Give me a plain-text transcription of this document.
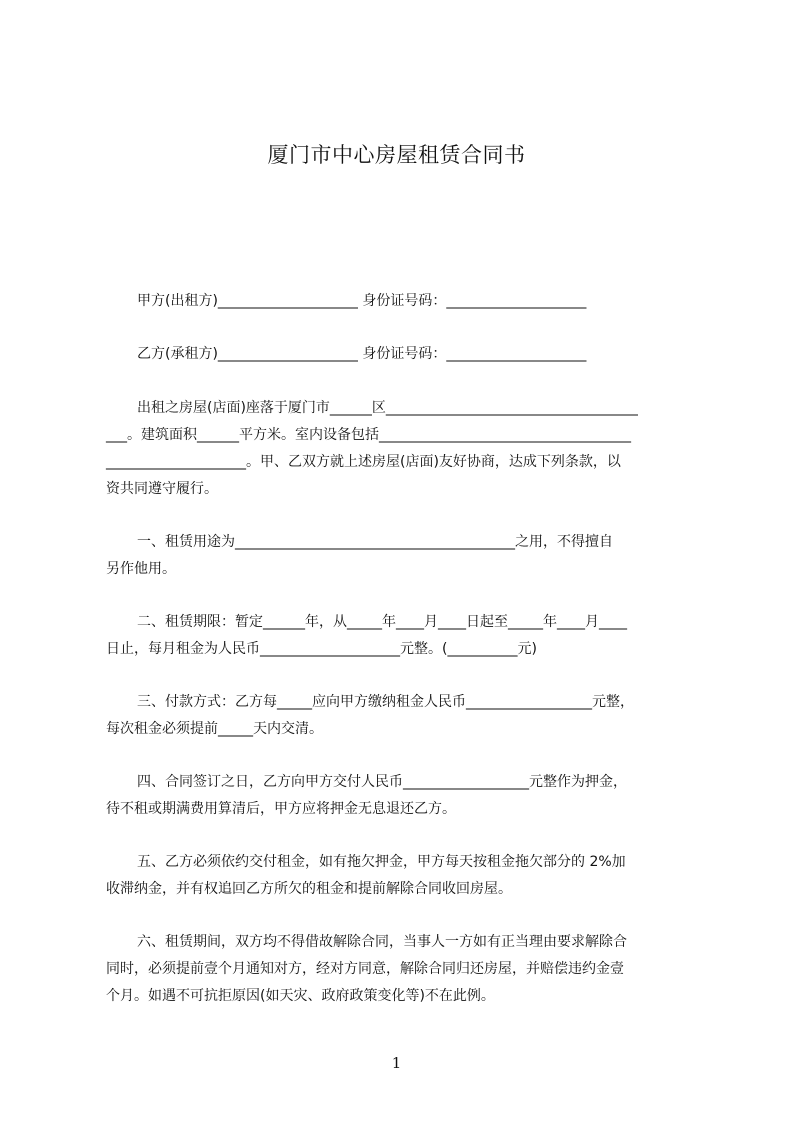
厦门市中心房屋租赁合同书
甲方(出租方)____________________ 身份证号码：____________________
乙方(承租方)____________________ 身份证号码：____________________
出租之房屋(店面)座落于厦门市______区____________________________________
___。建筑面积______平方米。室内设备包括____________________________________
____________________。甲、乙双方就上述房屋(店面)友好协商，达成下列条款，以
资共同遵守履行。
一、租赁用途为________________________________________之用，不得擅自
另作他用。
二、租赁期限：暂定______年，从_____年____月____日起至_____年____月____
日止，每月租金为人民币____________________元整。(__________元)
三、付款方式：乙方每_____应向甲方缴纳租金人民币__________________元整，
每次租金必须提前_____天内交清。
四、合同签订之日，乙方向甲方交付人民币__________________元整作为押金，
待不租或期满费用算清后，甲方应将押金无息退还乙方。
五、乙方必须依约交付租金，如有拖欠押金，甲方每天按租金拖欠部分的 2%加
收滞纳金，并有权追回乙方所欠的租金和提前解除合同收回房屋。
六、租赁期间，双方均不得借故解除合同，当事人一方如有正当理由要求解除合
同时，必须提前壹个月通知对方，经对方同意，解除合同归还房屋，并赔偿违约金壹
个月。如遇不可抗拒原因(如天灾、政府政策变化等)不在此例。
1
